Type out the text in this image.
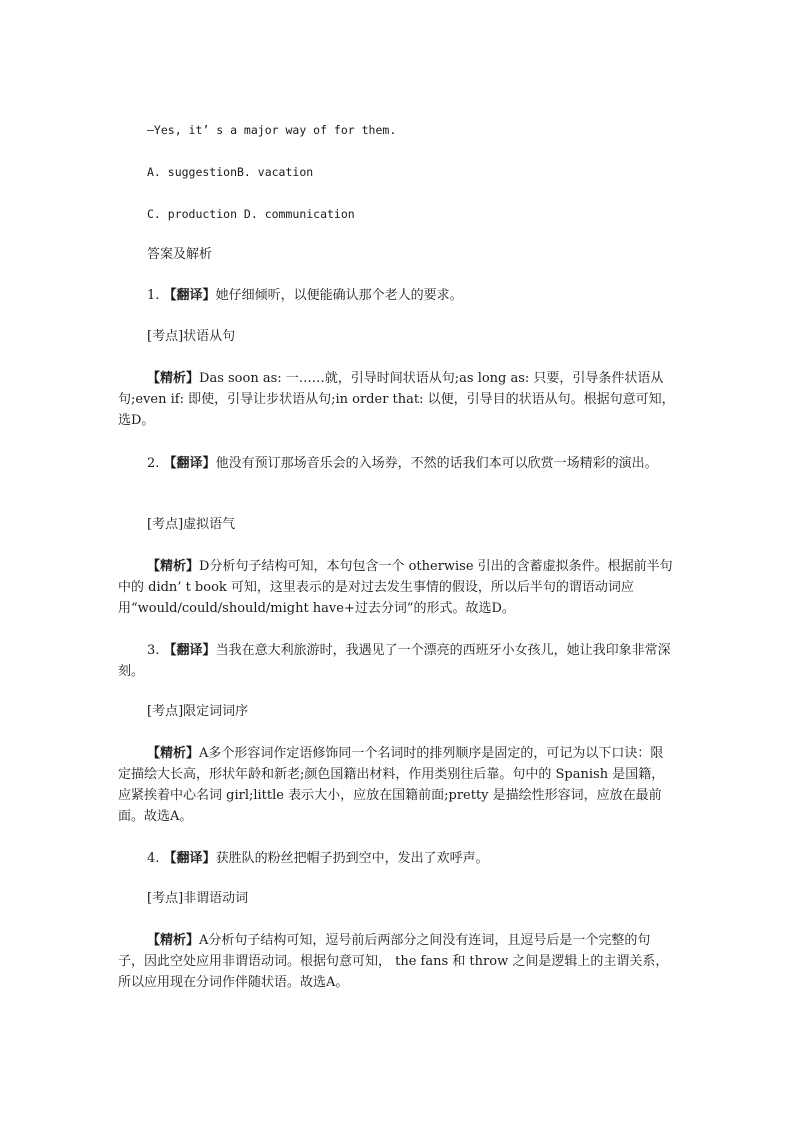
—Yes, it’ s a major way of for them.
A. suggestionB. vacation
C. production D. communication
答案及解析
1. 【翻译】她仔细倾听，以便能确认那个老人的要求。
[考点]状语从句
【精析】Das soon as: 一……就，引导时间状语从句;as long as: 只要，引导条件状语从句;even if: 即使，引导让步状语从句;in order that: 以便，引导目的状语从句。根据句意可知，选D。
2. 【翻译】他没有预订那场音乐会的入场券，不然的话我们本可以欣赏一场精彩的演出。
[考点]虚拟语气
【精析】D分析句子结构可知，本句包含一个 otherwise 引出的含蓄虚拟条件。根据前半句中的 didn’ t book 可知，这里表示的是对过去发生事情的假设，所以后半句的谓语动词应用“would/could/should/might have+过去分词”的形式。故选D。
3. 【翻译】当我在意大利旅游时，我遇见了一个漂亮的西班牙小女孩儿，她让我印象非常深刻。
[考点]限定词词序
【精析】A多个形容词作定语修饰同一个名词时的排列顺序是固定的，可记为以下口诀：限定描绘大长高，形状年龄和新老;颜色国籍出材料，作用类别往后靠。句中的 Spanish 是国籍，应紧挨着中心名词 girl;little 表示大小，应放在国籍前面;pretty 是描绘性形容词，应放在最前面。故选A。
4. 【翻译】获胜队的粉丝把帽子扔到空中，发出了欢呼声。
[考点]非谓语动词
【精析】A分析句子结构可知，逗号前后两部分之间没有连词，且逗号后是一个完整的句子，因此空处应用非谓语动词。根据句意可知， the fans 和 throw 之间是逻辑上的主谓关系，所以应用现在分词作伴随状语。故选A。
